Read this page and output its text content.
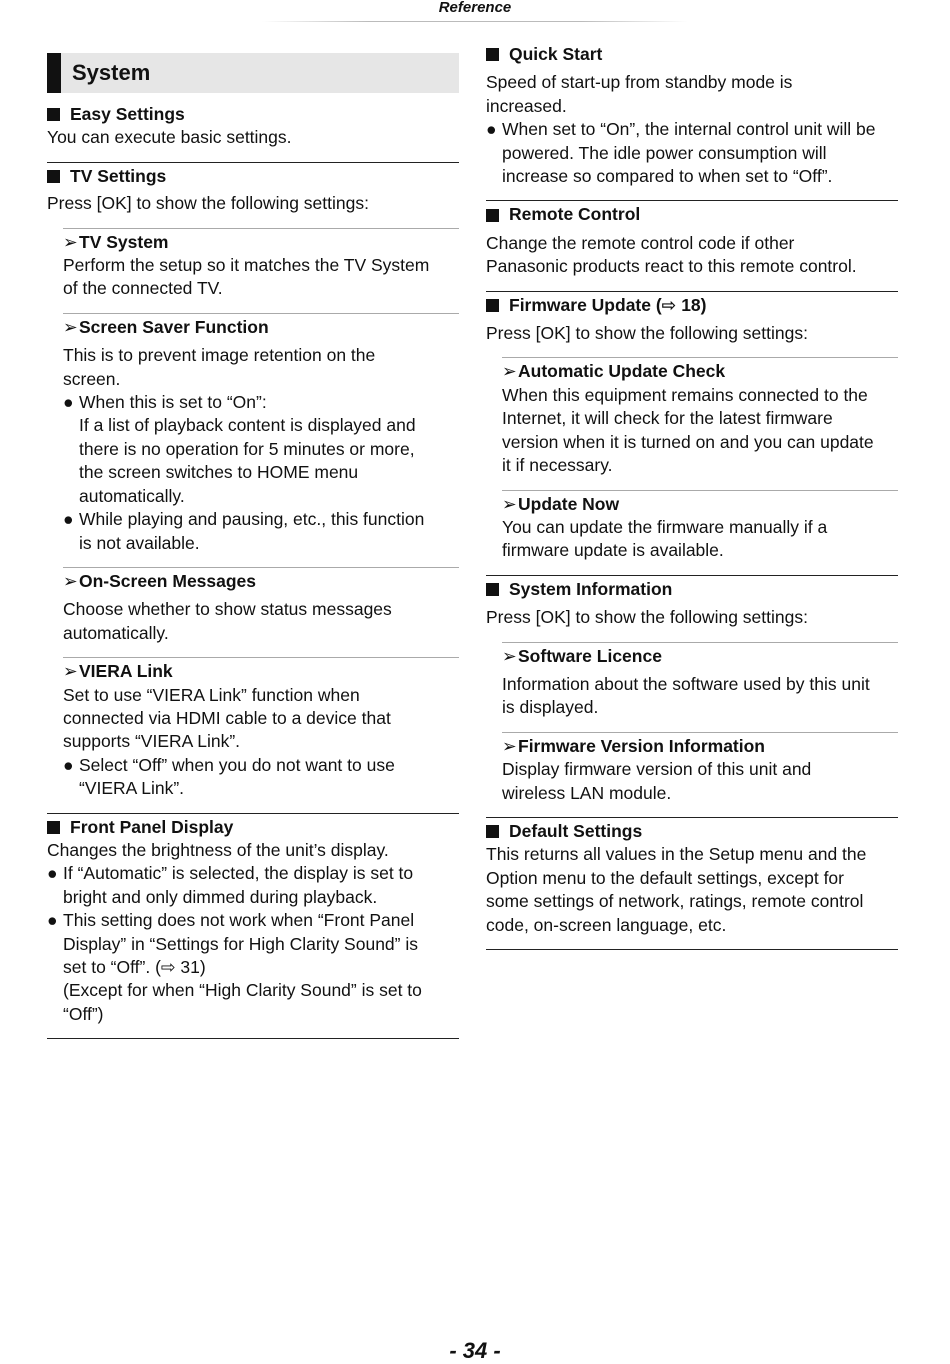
Reference
System
Easy Settings
You can execute basic settings.
TV Settings
Press [OK] to show the following settings:
➢ TV System
Perform the setup so it matches the TV System
of the connected TV.
➢ Screen Saver Function
This is to prevent image retention on the
screen.
● When this is set to “On”:
If a list of playback content is displayed and
there is no operation for 5 minutes or more,
the screen switches to HOME menu
automatically.
● While playing and pausing, etc., this function
is not available.
➢ On-Screen Messages
Choose whether to show status messages
automatically.
➢ VIERA Link
Set to use “VIERA Link” function when
connected via HDMI cable to a device that
supports “VIERA Link”.
● Select “Off” when you do not want to use
“VIERA Link”.
Front Panel Display
Changes the brightness of the unit’s display.
● If “Automatic” is selected, the display is set to
bright and only dimmed during playback.
● This setting does not work when “Front Panel
Display” in “Settings for High Clarity Sound” is
set to “Off”. (⇨ 31)
(Except for when “High Clarity Sound” is set to
“Off”)
Quick Start
Speed of start-up from standby mode is
increased.
● When set to “On”, the internal control unit will be
powered. The idle power consumption will
increase so compared to when set to “Off”.
Remote Control
Change the remote control code if other
Panasonic products react to this remote control.
Firmware Update (⇨ 18)
Press [OK] to show the following settings:
➢ Automatic Update Check
When this equipment remains connected to the
Internet, it will check for the latest firmware
version when it is turned on and you can update
it if necessary.
➢ Update Now
You can update the firmware manually if a
firmware update is available.
System Information
Press [OK] to show the following settings:
➢ Software Licence
Information about the software used by this unit
is displayed.
➢ Firmware Version Information
Display firmware version of this unit and
wireless LAN module.
Default Settings
This returns all values in the Setup menu and the
Option menu to the default settings, except for
some settings of network, ratings, remote control
code, on-screen language, etc.
- 34 -
